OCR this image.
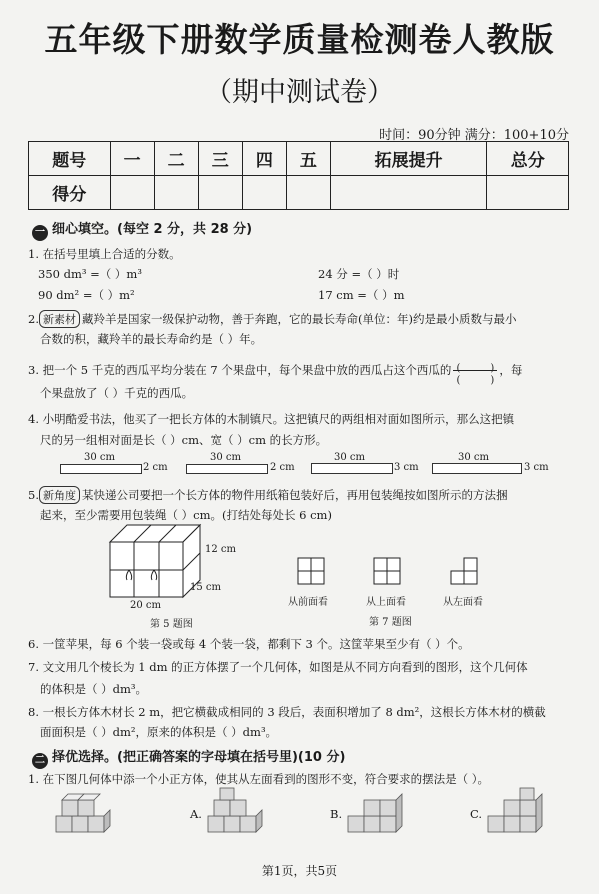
五年级下册数学质量检测卷人教版
（期中测试卷）
时间：90分钟 满分：100+10分
题号	一	二	三	四	五	拓展提升	总分
得分							
一 细心填空。(每空 2 分，共 28 分)
1. 在括号里填上合适的分数。
350 dm³ =（ ）m³	24 分 =（ ）时
90 dm² =（ ）m²	17 cm =（ ）m
2. 新素材 藏羚羊是国家一级保护动物，善于奔跑，它的最长寿命(单位：年)约是最小质数与最小
合数的积，藏羚羊的最长寿命约是（ ）年。
3. 把一个 5 千克的西瓜平均分装在 7 个果盘中，每个果盘中放的西瓜占这个西瓜的 (　　　)
(　　　)
，每
个果盘放了（ ）千克的西瓜。
4. 小明酷爱书法，他买了一把长方体的木制镇尺。这把镇尺的两组相对面如图所示，那么这把镇
尺的另一组相对面是长（ ）cm、宽（ ）cm 的长方形。
30 cm
2 cm
30 cm
2 cm
30 cm
3 cm
30 cm
3 cm
5. 新角度 某快递公司要把一个长方体的物件用纸箱包装好后，再用包装绳按如图所示的方法捆
起来，至少需要用包装绳（ ）cm。(打结处每处长 6 cm)
12 cm
15 cm
20 cm
第 5 题图
从前面看	从上面看	从左面看
第 7 题图
6. 一筐苹果，每 6 个装一袋或每 4 个装一袋，都剩下 3 个。这筐苹果至少有（ ）个。
7. 文文用几个棱长为 1 dm 的正方体摆了一个几何体，如图是从不同方向看到的图形，这个几何体
的体积是（ ）dm³。
8. 一根长方体木材长 2 m，把它横截成相同的 3 段后，表面积增加了 8 dm²，这根长方体木材的横截
面面积是（ ）dm²，原来的体积是（ ）dm³。
二 择优选择。(把正确答案的字母填在括号里)(10 分)
1. 在下图几何体中添一个小正方体，使其从左面看到的图形不变，符合要求的摆法是（ ）。
A.	B.	C.
第1页，共5页
